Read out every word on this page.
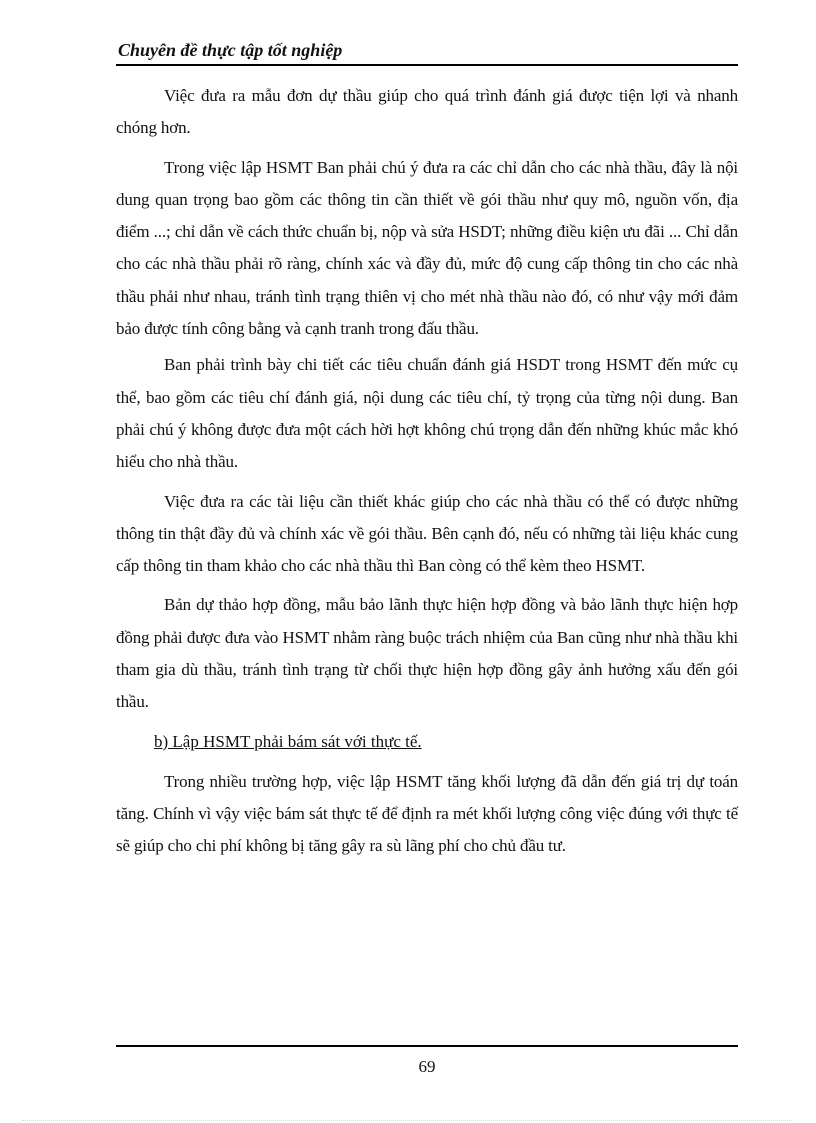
Chuyên đề thực tập tốt nghiệp

Việc đưa ra mẫu đơn dự thầu giúp cho quá trình đánh giá được tiện lợi và nhanh chóng hơn.

Trong việc lập HSMT Ban phải chú ý đưa ra các chỉ dẫn cho các nhà thầu, đây là nội dung quan trọng bao gồm các thông tin cần thiết về gói thầu như quy mô, nguồn vốn, địa điểm ...; chỉ dẫn về cách thức chuẩn bị, nộp và sửa HSDT; những điều kiện ưu đãi ... Chỉ dẫn cho các nhà thầu phải rõ ràng, chính xác và đầy đủ, mức độ cung cấp thông tin cho các nhà thầu phải như nhau, tránh tình trạng thiên vị cho mét nhà thầu nào đó, có như vậy mới đảm bảo được tính công bằng và cạnh tranh trong đấu thầu.

Ban phải trình bày chi tiết các tiêu chuẩn đánh giá HSDT trong HSMT đến mức cụ thể, bao gồm các tiêu chí đánh giá, nội dung các tiêu chí, tỷ trọng của từng nội dung. Ban phải chú ý không được đưa một cách hời hợt không chú trọng dẫn đến những khúc mắc khó hiểu cho nhà thầu.

Việc đưa ra các tài liệu cần thiết khác giúp cho các nhà thầu có thể có được những thông tin thật đầy đủ và chính xác về gói thầu. Bên cạnh đó, nếu có những tài liệu khác cung cấp thông tin tham khảo cho các nhà thầu thì Ban còng có thể kèm theo HSMT.

Bản dự thảo hợp đồng, mẫu bảo lãnh thực hiện hợp đồng và bảo lãnh thực hiện hợp đồng phải được đưa vào HSMT nhằm ràng buộc trách nhiệm của Ban cũng như nhà thầu khi tham gia dù thầu, tránh tình trạng từ chối thực hiện hợp đồng gây ảnh hưởng xấu đến gói thầu.

b) Lập HSMT phải bám sát với thực tế.

Trong nhiều trường hợp, việc lập HSMT tăng khối lượng đã dẫn đến giá trị dự toán tăng. Chính vì vậy việc bám sát thực tế để định ra mét khối lượng công việc đúng với thực tế sẽ giúp cho chi phí không bị tăng gây ra sù lãng phí cho chủ đầu tư.

69
